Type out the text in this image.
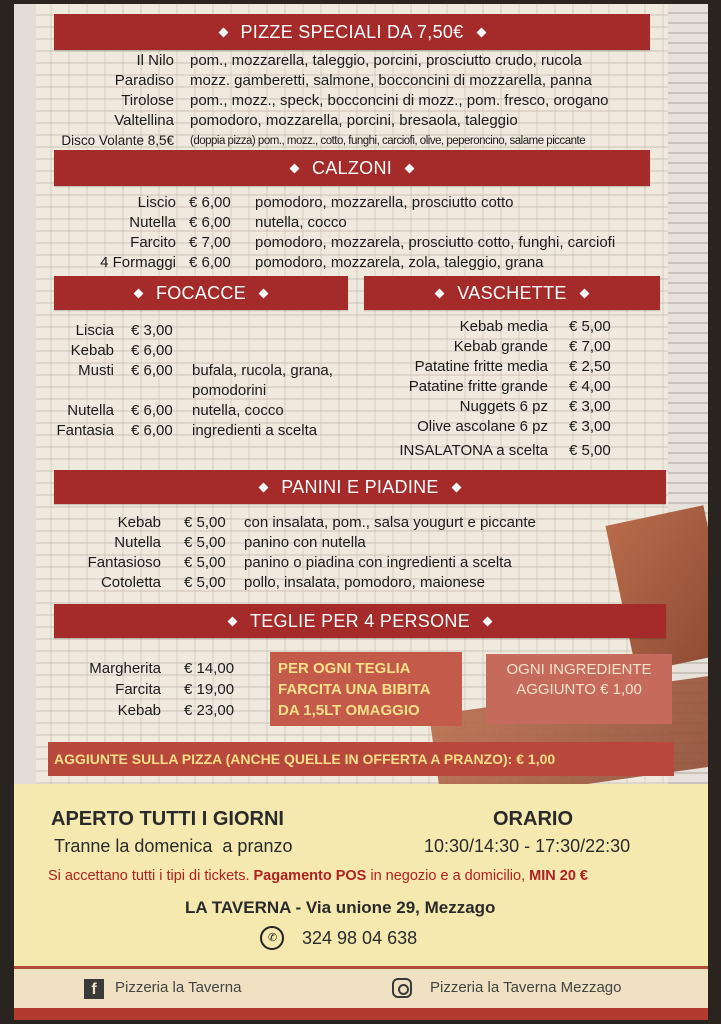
PIZZE SPECIALI DA 7,50€
Il Nilo pom., mozzarella, taleggio, porcini, prosciutto crudo, rucola
Paradiso mozz. gamberetti, salmone, bocconcini di mozzarella, panna
Tirolose pom., mozz., speck, bocconcini di mozz., pom. fresco, orogano
Valtellina pomodoro, mozzarella, porcini, bresaola, taleggio
Disco Volante 8,5€ (doppia pizza) pom., mozz., cotto, funghi, carciofi, olive, peperoncino, salame piccante
CALZONI
Liscio € 6,00 pomodoro, mozzarella, prosciutto cotto
Nutella € 6,00 nutella, cocco
Farcito € 7,00 pomodoro, mozzarela, prosciutto cotto, funghi, carciofi
4 Formaggi € 6,00 pomodoro, mozzarela, zola, taleggio, grana
FOCACCE	VASCHETTE
Liscia € 3,00
Kebab € 6,00
Musti € 6,00 bufala, rucola, grana,
pomodorini
Nutella € 6,00 nutella, cocco
Fantasia € 6,00 ingredienti a scelta
Kebab media € 5,00
Kebab grande € 7,00
Patatine fritte media € 2,50
Patatine fritte grande € 4,00
Nuggets 6 pz € 3,00
Olive ascolane 6 pz € 3,00
INSALATONA a scelta € 5,00
PANINI E PIADINE
Kebab € 5,00 con insalata, pom., salsa yougurt e piccante
Nutella € 5,00 panino con nutella
Fantasioso € 5,00 panino o piadina con ingredienti a scelta
Cotoletta € 5,00 pollo, insalata, pomodoro, maionese
TEGLIE PER 4 PERSONE
Margherita € 14,00
Farcita € 19,00
Kebab € 23,00
PER OGNI TEGLIA
FARCITA UNA BIBITA
DA 1,5LT OMAGGIO
OGNI INGREDIENTE
AGGIUNTO € 1,00
AGGIUNTE SULLA PIZZA (ANCHE QUELLE IN OFFERTA A PRANZO): € 1,00
APERTO TUTTI I GIORNI
Tranne la domenica  a pranzo
ORARIO
10:30/14:30 - 17:30/22:30
Si accettano tutti i tipi di tickets. Pagamento POS in negozio e a domicilio, MIN 20 €
LA TAVERNA - Via unione 29, Mezzago
✆ 324 98 04 638
f	Pizzeria la Taverna	Pizzeria la Taverna Mezzago
